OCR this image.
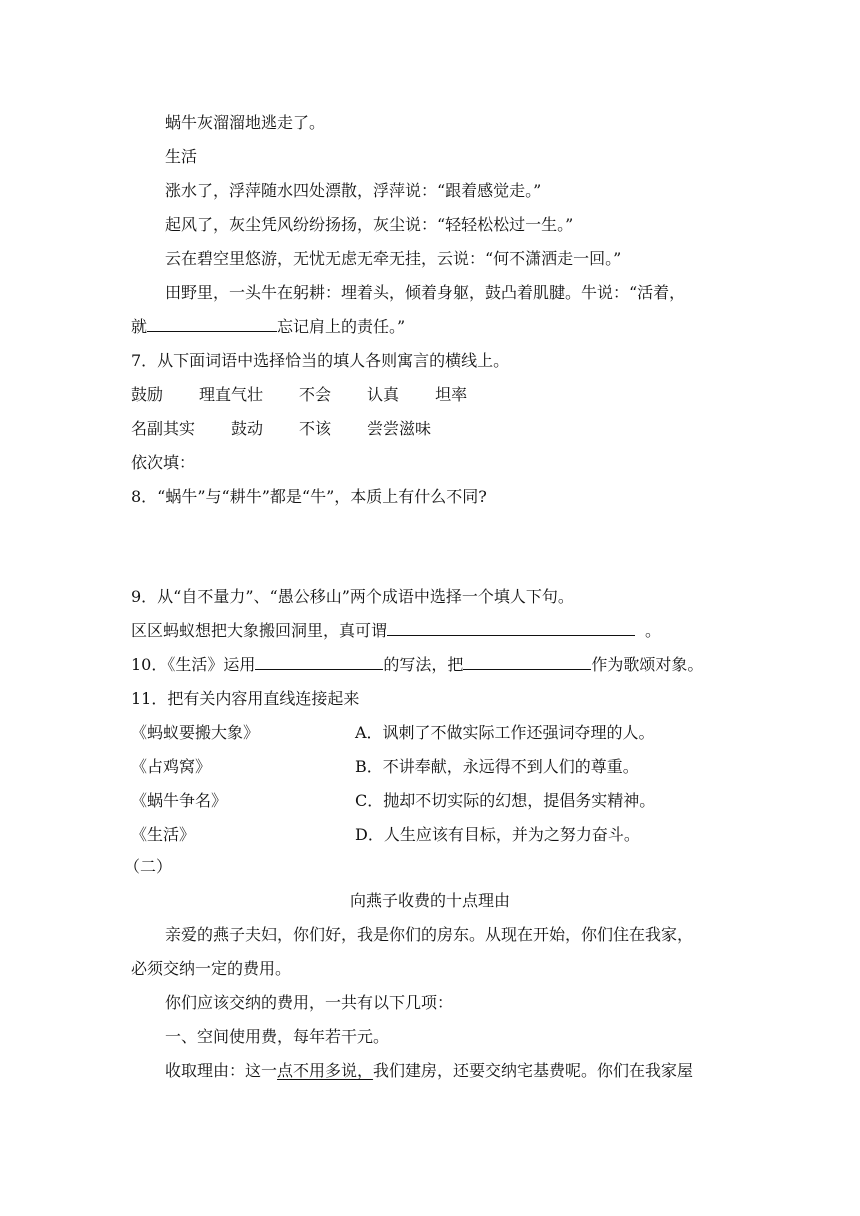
蜗牛灰溜溜地逃走了。
生活
涨水了，浮萍随水四处漂散，浮萍说：“跟着感觉走。”
起风了，灰尘凭风纷纷扬扬，灰尘说：“轻轻松松过一生。”
云在碧空里悠游，无忧无虑无牵无挂，云说：“何不潇洒走一回。”
田野里，一头牛在躬耕：埋着头，倾着身躯，鼓凸着肌腱。牛说：“活着，
就	忘记肩上的责任。”
7．从下面词语中选择恰当的填人各则寓言的横线上。
鼓励 理直气壮 不会 认真 坦率
名副其实 鼓动 不该 尝尝滋味
依次填：
8．“蜗牛”与“耕牛”都是“牛”，本质上有什么不同?
9．从“自不量力”、“愚公移山”两个成语中选择一个填人下句。
区区蚂蚁想把大象搬回洞里，真可谓	。
10．《生活》运用	的写法，把	作为歌颂对象。
11．把有关内容用直线连接起来
《蚂蚁要搬大象》	A．讽刺了不做实际工作还强词夺理的人。
《占鸡窝》	B．不讲奉献，永远得不到人们的尊重。
《蜗牛争名》	C．抛却不切实际的幻想，提倡务实精神。
《生活》	D．人生应该有目标，并为之努力奋斗。
（二）
向燕子收费的十点理由
亲爱的燕子夫妇，你们好，我是你们的房东。从现在开始，你们住在我家，
必须交纳一定的费用。
你们应该交纳的费用，一共有以下几项：
一、空间使用费，每年若干元。
收取理由：这一点不用多说，我们建房，还要交纳宅基费呢。你们在我家屋
